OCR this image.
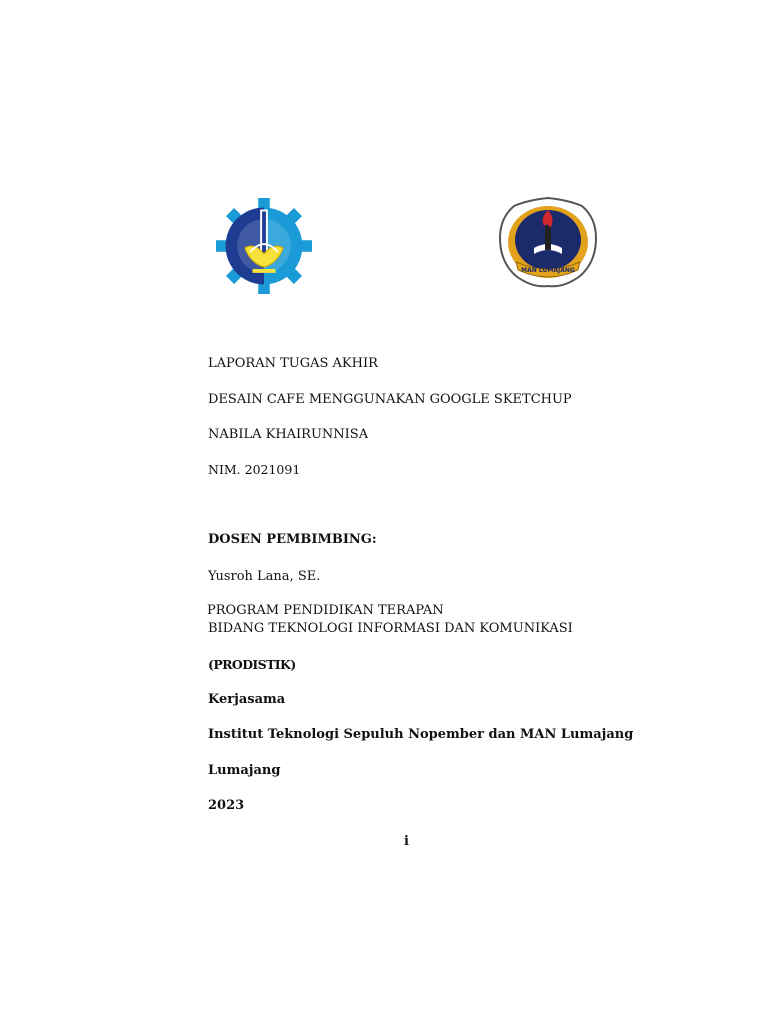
MAN LUMAJANG
LAPORAN TUGAS AKHIR
DESAIN CAFE MENGGUNAKAN GOOGLE SKETCHUP
NABILA KHAIRUNNISA
NIM. 2021091
DOSEN PEMBIMBING:
Yusroh Lana, SE.
PROGRAM PENDIDIKAN TERAPAN
BIDANG TEKNOLOGI INFORMASI DAN KOMUNIKASI
(PRODISTIK)
Kerjasama
Institut Teknologi Sepuluh Nopember dan MAN Lumajang
Lumajang
2023
i
